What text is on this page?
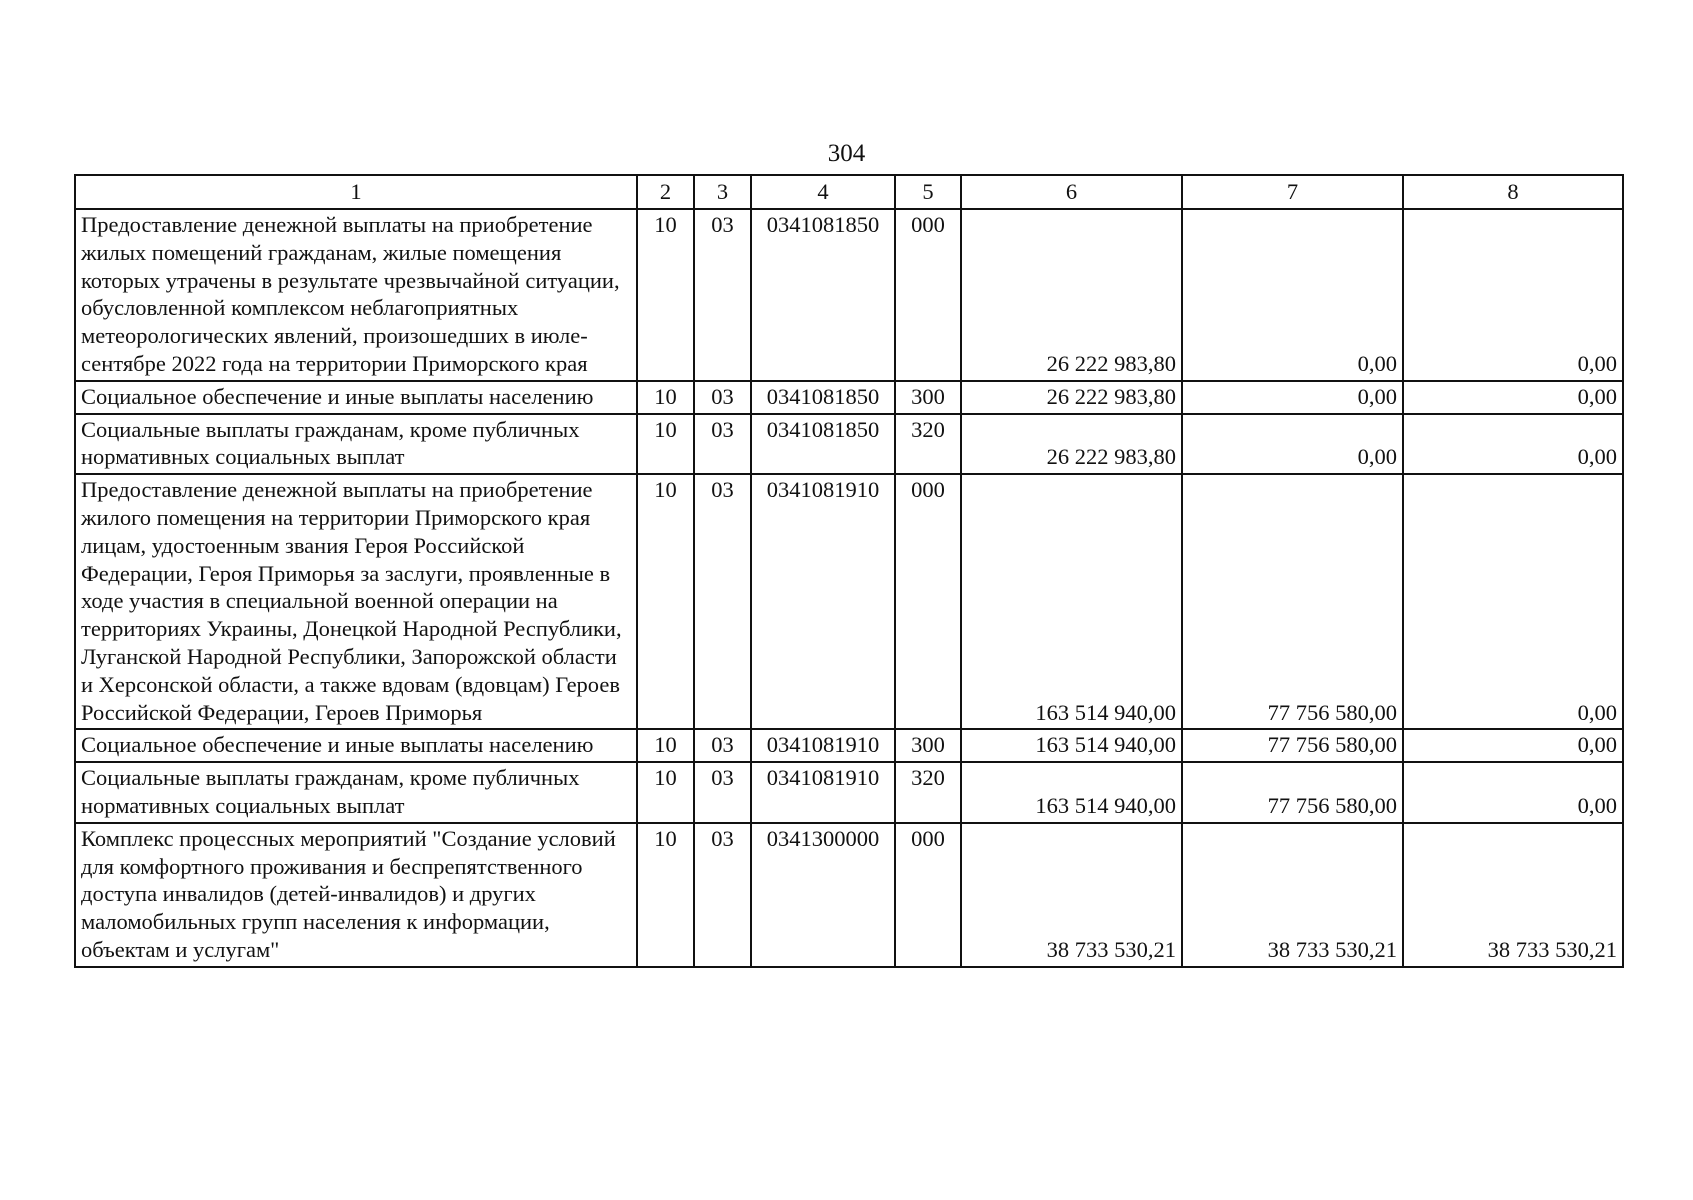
304
1	2	3	4	5	6	7	8
Предоставление денежной выплаты на приобретение жилых помещений гражданам, жилые помещения которых утрачены в результате чрезвычайной ситуации, обусловленной комплексом неблагоприятных метеорологических явлений, произошедших в июле-сентябре 2022 года на территории Приморского края	10	03	0341081850	000	26 222 983,80	0,00	0,00
Социальное обеспечение и иные выплаты населению	10	03	0341081850	300	26 222 983,80	0,00	0,00
Социальные выплаты гражданам, кроме публичных нормативных социальных выплат	10	03	0341081850	320	26 222 983,80	0,00	0,00
Предоставление денежной выплаты на приобретение жилого помещения на территории Приморского края лицам, удостоенным звания Героя Российской Федерации, Героя Приморья за заслуги, проявленные в ходе участия в специальной военной операции на территориях Украины, Донецкой Народной Республики, Луганской Народной Республики, Запорожской области и Херсонской области, а также вдовам (вдовцам) Героев Российской Федерации, Героев Приморья	10	03	0341081910	000	163 514 940,00	77 756 580,00	0,00
Социальное обеспечение и иные выплаты населению	10	03	0341081910	300	163 514 940,00	77 756 580,00	0,00
Социальные выплаты гражданам, кроме публичных нормативных социальных выплат	10	03	0341081910	320	163 514 940,00	77 756 580,00	0,00
Комплекс процессных мероприятий "Создание условий для комфортного проживания и беспрепятственного доступа инвалидов (детей-инвалидов) и других маломобильных групп населения к информации, объектам и услугам"	10	03	0341300000	000	38 733 530,21	38 733 530,21	38 733 530,21
